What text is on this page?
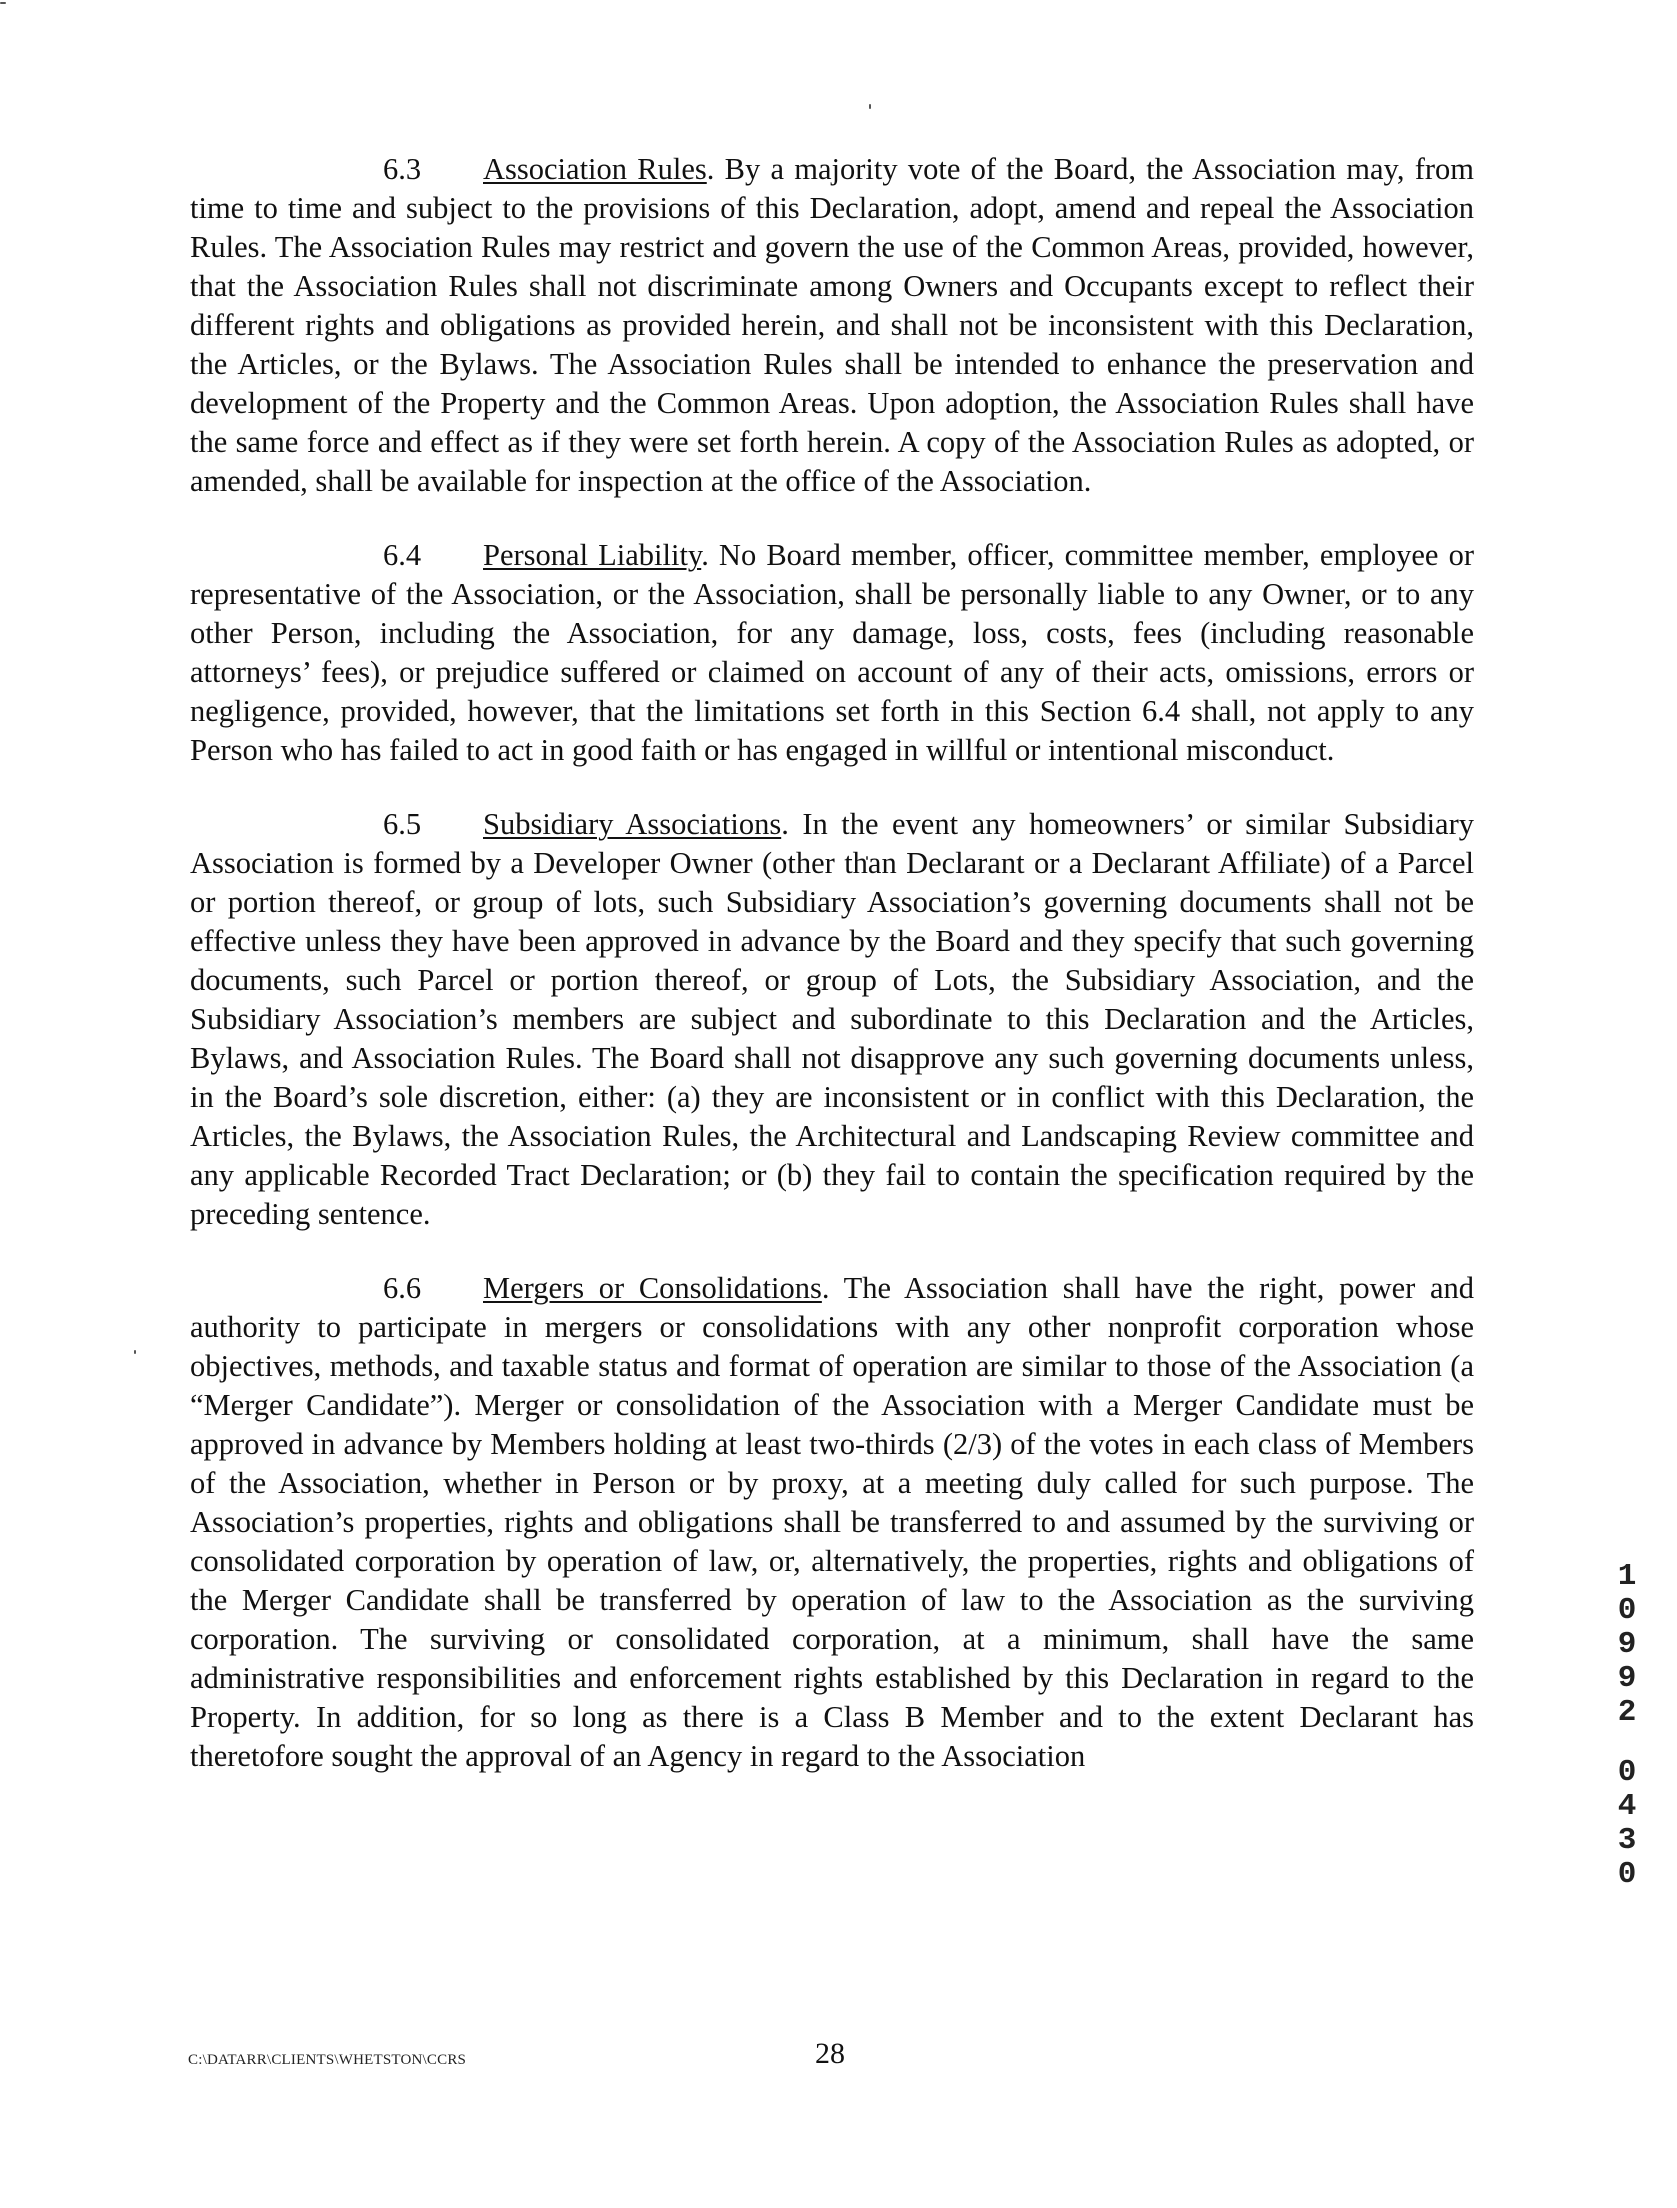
6.3 Association Rules. By a majority vote of the Board, the Association may, from time to time and subject to the provisions of this Declaration, adopt, amend and repeal the Association Rules. The Association Rules may restrict and govern the use of the Common Areas, provided, however, that the Association Rules shall not discriminate among Owners and Occupants except to reflect their different rights and obligations as provided herein, and shall not be inconsistent with this Declaration, the Articles, or the Bylaws. The Association Rules shall be intended to enhance the preservation and development of the Property and the Common Areas. Upon adoption, the Association Rules shall have the same force and effect as if they were set forth herein. A copy of the Association Rules as adopted, or amended, shall be available for inspection at the office of the Association.

6.4 Personal Liability. No Board member, officer, committee member, employee or representative of the Association, or the Association, shall be personally liable to any Owner, or to any other Person, including the Association, for any damage, loss, costs, fees (including reasonable attorneys’ fees), or prejudice suffered or claimed on account of any of their acts, omissions, errors or negligence, provided, however, that the limitations set forth in this Section 6.4 shall, not apply to any Person who has failed to act in good faith or has engaged in willful or intentional misconduct.

6.5 Subsidiary Associations. In the event any homeowners’ or similar Subsidiary Association is formed by a Developer Owner (other than Declarant or a Declarant Affiliate) of a Parcel or portion thereof, or group of lots, such Subsidiary Association’s governing documents shall not be effective unless they have been approved in advance by the Board and they specify that such governing documents, such Parcel or portion thereof, or group of Lots, the Subsidiary Association, and the Subsidiary Association’s members are subject and subordinate to this Declaration and the Articles, Bylaws, and Association Rules. The Board shall not disapprove any such governing documents unless, in the Board’s sole discretion, either: (a) they are inconsistent or in conflict with this Declaration, the Articles, the Bylaws, the Association Rules, the Architectural and Landscaping Review committee and any applicable Recorded Tract Declaration; or (b) they fail to contain the specification required by the preceding sentence.

6.6 Mergers or Consolidations. The Association shall have the right, power and authority to participate in mergers or consolidations with any other nonprofit corporation whose objectives, methods, and taxable status and format of operation are similar to those of the Association (a “Merger Candidate”). Merger or consolidation of the Association with a Merger Candidate must be approved in advance by Members holding at least two-thirds (2/3) of the votes in each class of Members of the Association, whether in Person or by proxy, at a meeting duly called for such purpose. The Association’s properties, rights and obligations shall be transferred to and assumed by the surviving or consolidated corporation by operation of law, or, alternatively, the properties, rights and obligations of the Merger Candidate shall be transferred by operation of law to the Association as the surviving corporation. The surviving or consolidated corporation, at a minimum, shall have the same administrative responsibilities and enforcement rights established by this Declaration in regard to the Property. In addition, for so long as there is a Class B Member and to the extent Declarant has theretofore sought the approval of an Agency in regard to the Association

1
0
9
9
2
0
4
3
0
C:\DATARR\CLIENTS\WHETSTON\CCRS	28
